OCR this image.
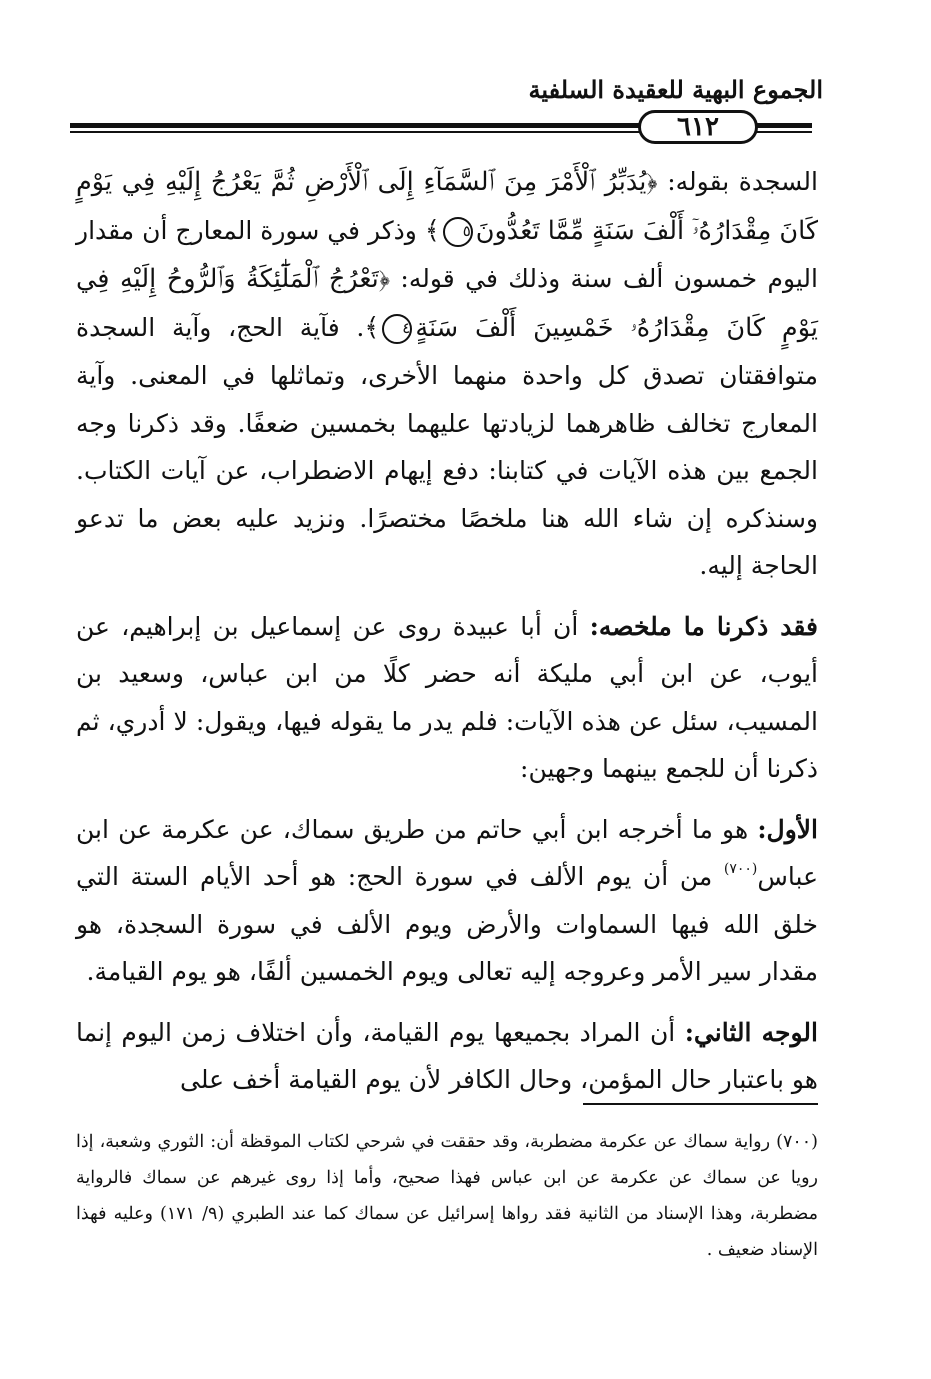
الجموع البهية للعقيدة السلفية
٦١٢

السجدة بقوله: ﴿يُدَبِّرُ ٱلْأَمْرَ مِنَ ٱلسَّمَآءِ إِلَى ٱلْأَرْضِ ثُمَّ يَعْرُجُ إِلَيْهِ فِي يَوْمٍ كَانَ مِقْدَارُهُۥٓ أَلْفَ سَنَةٍ مِّمَّا تَعُدُّونَ٥﴾ وذكر في سورة المعارج أن مقدار اليوم خمسون ألف سنة وذلك في قوله: ﴿تَعْرُجُ ٱلْمَلَٰٓئِكَةُ وَٱلرُّوحُ إِلَيْهِ فِي يَوْمٍ كَانَ مِقْدَارُهُۥ خَمْسِينَ أَلْفَ سَنَةٍ٤﴾. فآية الحج، وآية السجدة متوافقتان تصدق كل واحدة منهما الأخرى، وتماثلها في المعنى. وآية المعارج تخالف ظاهرهما لزيادتها عليهما بخمسين ضعفًا. وقد ذكرنا وجه الجمع بين هذه الآيات في كتابنا: دفع إيهام الاضطراب، عن آيات الكتاب. وسنذكره إن شاء الله هنا ملخصًا مختصرًا. ونزيد عليه بعض ما تدعو الحاجة إليه.

فقد ذكرنا ما ملخصه: أن أبا عبيدة روى عن إسماعيل بن إبراهيم، عن أيوب، عن ابن أبي مليكة أنه حضر كلًا من ابن عباس، وسعيد بن المسيب، سئل عن هذه الآيات: فلم يدر ما يقوله فيها، ويقول: لا أدري، ثم ذكرنا أن للجمع بينهما وجهين:

الأول: هو ما أخرجه ابن أبي حاتم من طريق سماك، عن عكرمة عن ابن عباس$^{(٧٠٠)}$ من أن يوم الألف في سورة الحج: هو أحد الأيام الستة التي خلق الله فيها السماوات والأرض ويوم الألف في سورة السجدة، هو مقدار سير الأمر وعروجه إليه تعالى ويوم الخمسين ألفًا، هو يوم القيامة.

الوجه الثاني: أن المراد بجميعها يوم القيامة، وأن اختلاف زمن اليوم إنما هو باعتبار حال المؤمن، وحال الكافر لأن يوم القيامة أخف على

(٧٠٠) رواية سماك عن عكرمة مضطربة، وقد حققت في شرحي لكتاب الموقظة أن: الثوري وشعبة، إذا رويا عن سماك عن عكرمة عن ابن عباس فهذا صحيح، وأما إذا روى غيرهم عن سماك فالرواية مضطربة، وهذا الإسناد من الثانية فقد رواها إسرائيل عن سماك كما عند الطبري (٩/ ١٧١) وعليه فهذا الإسناد ضعيف .
